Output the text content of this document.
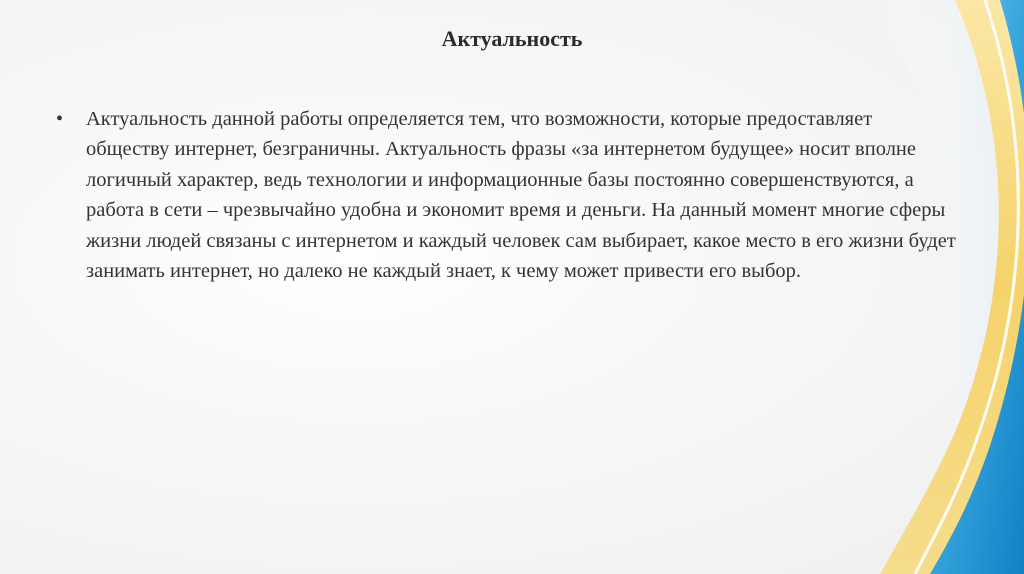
Актуальность
• Актуальность данной работы определяется тем, что возможности, которые предоставляет обществу интернет, безграничны. Актуальность фразы «за интернетом будущее» носит вполне логичный характер, ведь технологии и информационные базы постоянно совершенствуются, а работа в сети – чрезвычайно удобна и экономит время и деньги. На данный момент многие сферы жизни людей связаны с интернетом и каждый человек сам выбирает, какое место в его жизни будет занимать интернет, но далеко не каждый знает, к чему может привести его выбор.
